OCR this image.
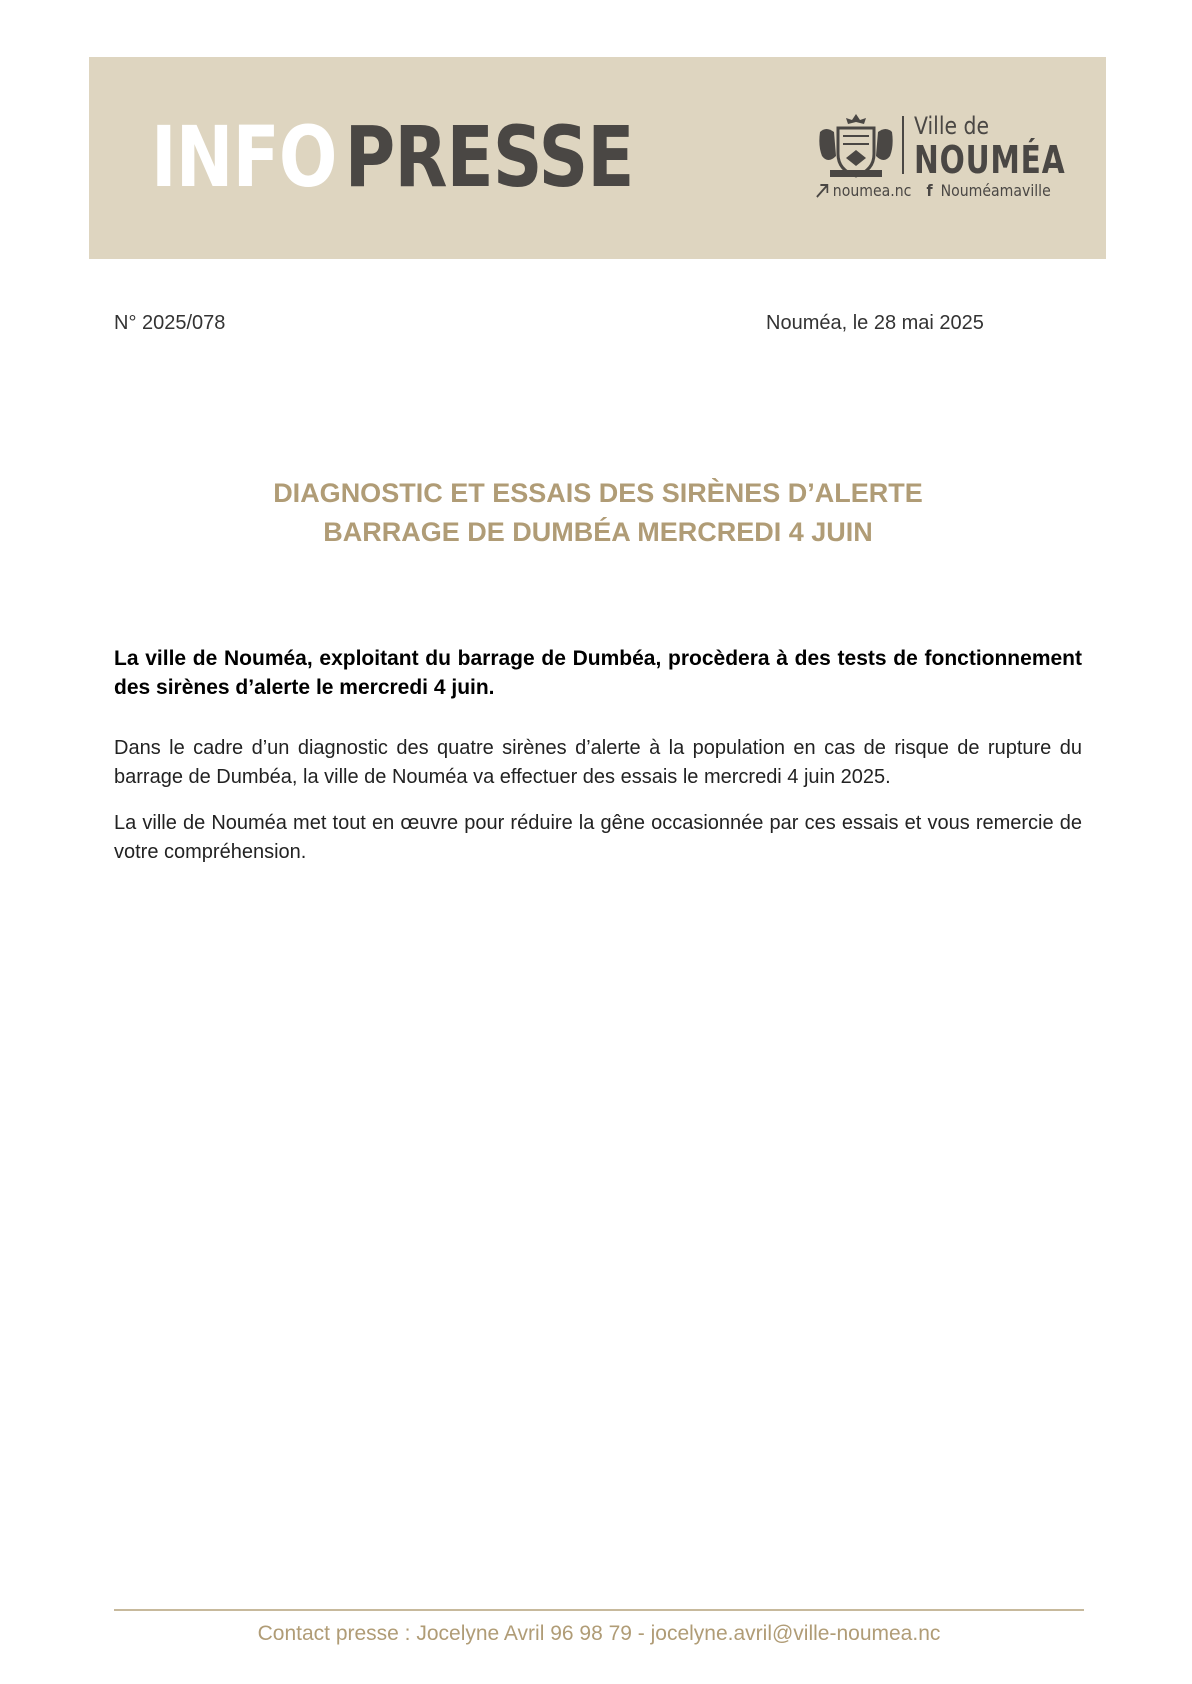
INFOPRESSE	Ville de
NOUMÉA
noumea.nc f Nouméamaville
N° 2025/078	Nouméa, le 28 mai 2025
DIAGNOSTIC ET ESSAIS DES SIRÈNES D’ALERTE
BARRAGE DE DUMBÉA MERCREDI 4 JUIN
La ville de Nouméa, exploitant du barrage de Dumbéa, procèdera à des tests de fonctionnement des sirènes d’alerte le mercredi 4 juin.
Dans le cadre d’un diagnostic des quatre sirènes d’alerte à la population en cas de risque de rupture du barrage de Dumbéa, la ville de Nouméa va effectuer des essais le mercredi 4 juin 2025.
La ville de Nouméa met tout en œuvre pour réduire la gêne occasionnée par ces essais et vous remercie de votre compréhension.
Contact presse : Jocelyne Avril 96 98 79 - jocelyne.avril@ville-noumea.nc
